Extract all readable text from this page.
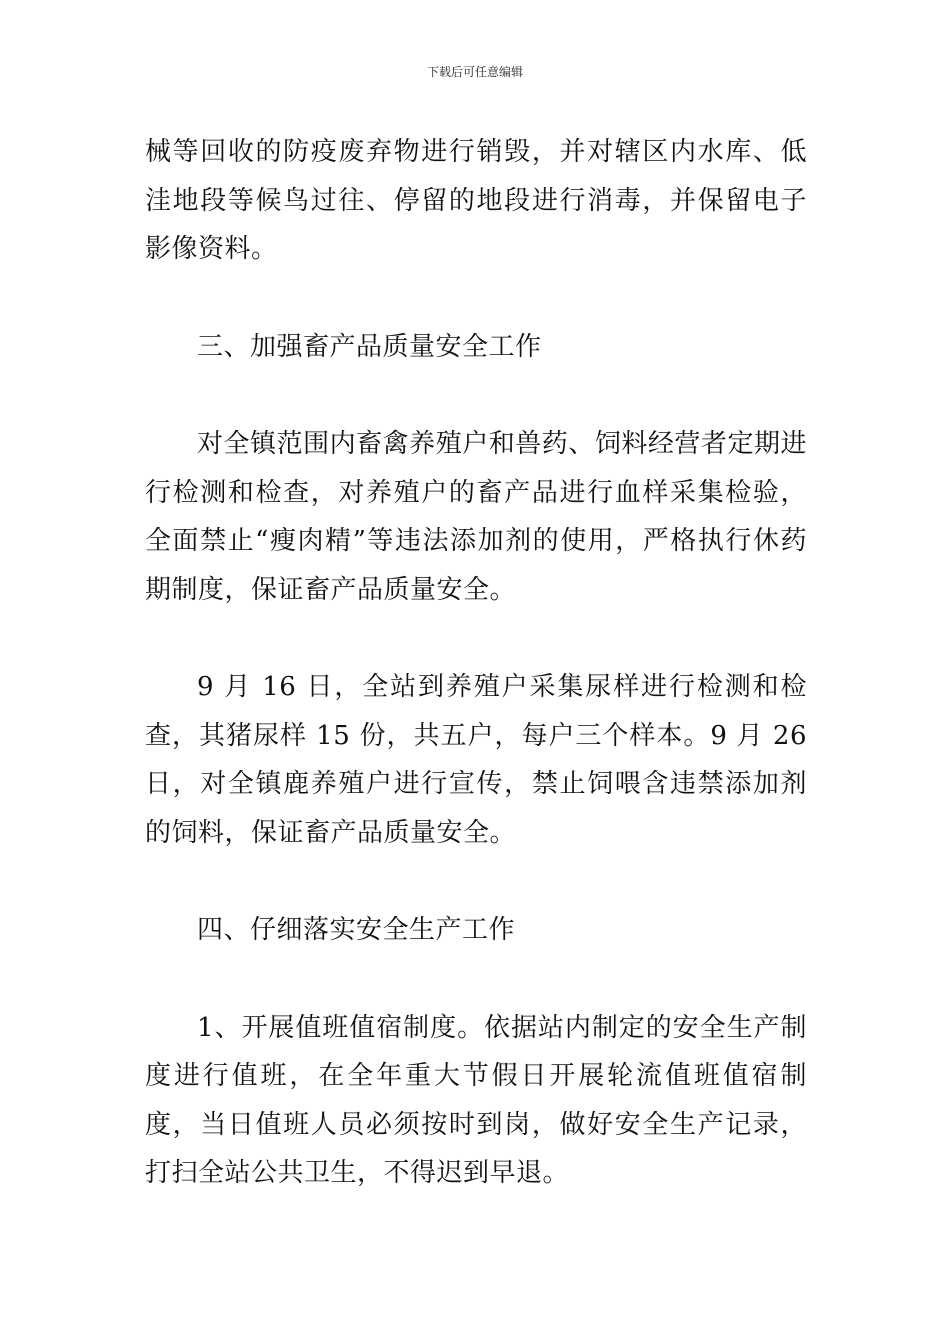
下载后可任意编辑

械等回收的防疫废弃物进行销毁，并对辖区内水库、低洼地段等候鸟过往、停留的地段进行消毒，并保留电子影像资料。

三、加强畜产品质量安全工作

对全镇范围内畜禽养殖户和兽药、饲料经营者定期进行检测和检查，对养殖户的畜产品进行血样采集检验，全面禁止“瘦肉精”等违法添加剂的使用，严格执行休药期制度，保证畜产品质量安全。

9 月 16 日，全站到养殖户采集尿样进行检测和检查，其猪尿样 15 份，共五户，每户三个样本。9 月 26 日，对全镇鹿养殖户进行宣传，禁止饲喂含违禁添加剂的饲料，保证畜产品质量安全。

四、仔细落实安全生产工作

1、开展值班值宿制度。依据站内制定的安全生产制度进行值班，在全年重大节假日开展轮流值班值宿制度，当日值班人员必须按时到岗，做好安全生产记录，打扫全站公共卫生，不得迟到早退。
